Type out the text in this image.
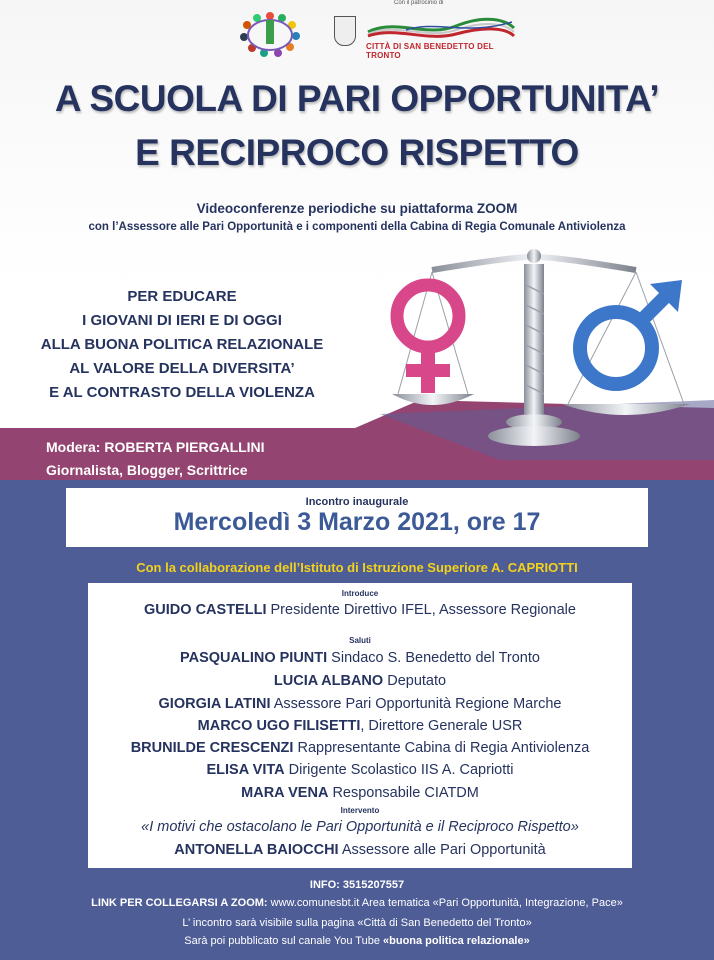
CITTÀ DI SAN BENEDETTO DEL TRONTO
Con il patrocinio di
A SCUOLA DI PARI OPPORTUNITA’
E RECIPROCO RISPETTO
Videoconferenze periodiche su piattaforma ZOOM
con l’Assessore alle Pari Opportunità e i componenti della Cabina di Regia Comunale Antiviolenza
PER EDUCARE
I GIOVANI DI IERI E DI OGGI
ALLA BUONA POLITICA RELAZIONALE
AL VALORE DELLA DIVERSITA’
E AL CONTRASTO DELLA VIOLENZA
Modera: ROBERTA PIERGALLINI
Giornalista, Blogger, Scrittrice
Incontro inaugurale
Mercoledì 3 Marzo 2021, ore 17
Con la collaborazione dell’Istituto di Istruzione Superiore A. CAPRIOTTI
Introduce
GUIDO CASTELLI Presidente Direttivo IFEL, Assessore Regionale
Saluti
PASQUALINO PIUNTI Sindaco S. Benedetto del Tronto
LUCIA ALBANO Deputato
GIORGIA LATINI Assessore Pari Opportunità Regione Marche
MARCO UGO FILISETTI, Direttore Generale USR
BRUNILDE CRESCENZI Rappresentante Cabina di Regia Antiviolenza
ELISA VITA Dirigente Scolastico IIS A. Capriotti
MARA VENA Responsabile CIATDM
Intervento
«I motivi che ostacolano le Pari Opportunità e il Reciproco Rispetto»
ANTONELLA BAIOCCHI Assessore alle Pari Opportunità
INFO: 3515207557
LINK PER COLLEGARSI A ZOOM: www.comunesbt.it Area tematica «Pari Opportunità, Integrazione, Pace»
L’ incontro sarà visibile sulla pagina «Città di San Benedetto del Tronto»
Sarà poi pubblicato sul canale You Tube «buona politica relazionale»
